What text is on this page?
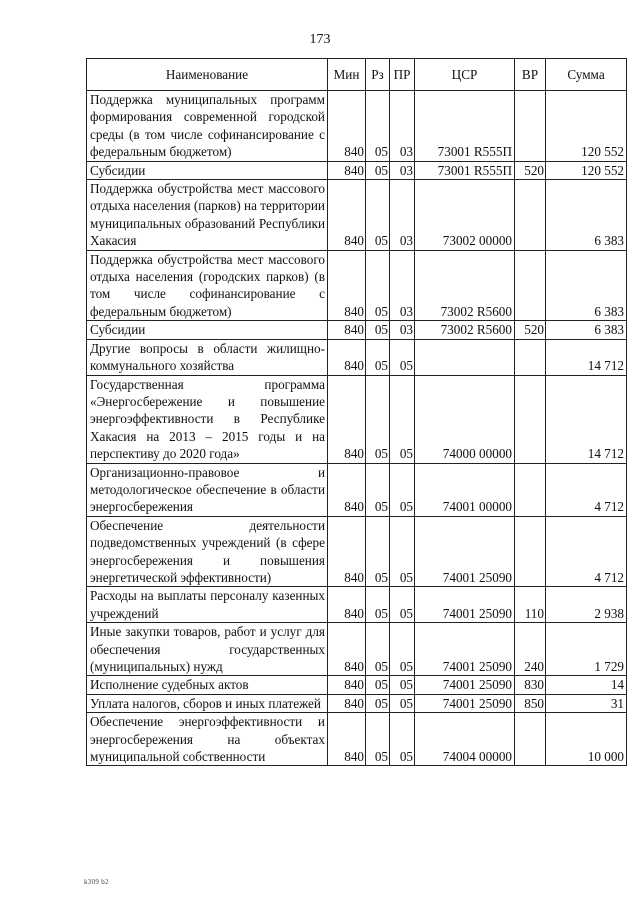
173
Наименование	Мин	Рз	ПР	ЦСР	ВР	Сумма
Поддержка муниципальных программ формирования современной городской среды (в том числе софинансирование с федеральным бюджетом)	840	05	03	73001 R555П		120 552
Субсидии	840	05	03	73001 R555П	520	120 552
Поддержка обустройства мест массового отдыха населения (парков) на территории муниципальных образований Республики Хакасия	840	05	03	73002 00000		6 383
Поддержка обустройства мест массового отдыха населения (городских парков) (в том числе софинансирование с федеральным бюджетом)	840	05	03	73002 R5600		6 383
Субсидии	840	05	03	73002 R5600	520	6 383
Другие вопросы в области жилищно-коммунального хозяйства	840	05	05			14 712
Государственная программа «Энергосбережение и повышение энергоэффективности в Республике Хакасия на 2013 – 2015 годы и на перспективу до 2020 года»	840	05	05	74000 00000		14 712
Организационно-правовое и методологическое обеспечение в области энергосбережения	840	05	05	74001 00000		4 712
Обеспечение деятельности подведомственных учреждений (в сфере энергосбережения и повышения энергетической эффективности)	840	05	05	74001 25090		4 712
Расходы на выплаты персоналу казенных учреждений	840	05	05	74001 25090	110	2 938
Иные закупки товаров, работ и услуг для обеспечения государственных (муниципальных) нужд	840	05	05	74001 25090	240	1 729
Исполнение судебных актов	840	05	05	74001 25090	830	14
Уплата налогов, сборов и иных платежей	840	05	05	74001 25090	850	31
Обеспечение энергоэффективности и энергосбережения на объектах муниципальной собственности	840	05	05	74004 00000		10 000
k309 b2
